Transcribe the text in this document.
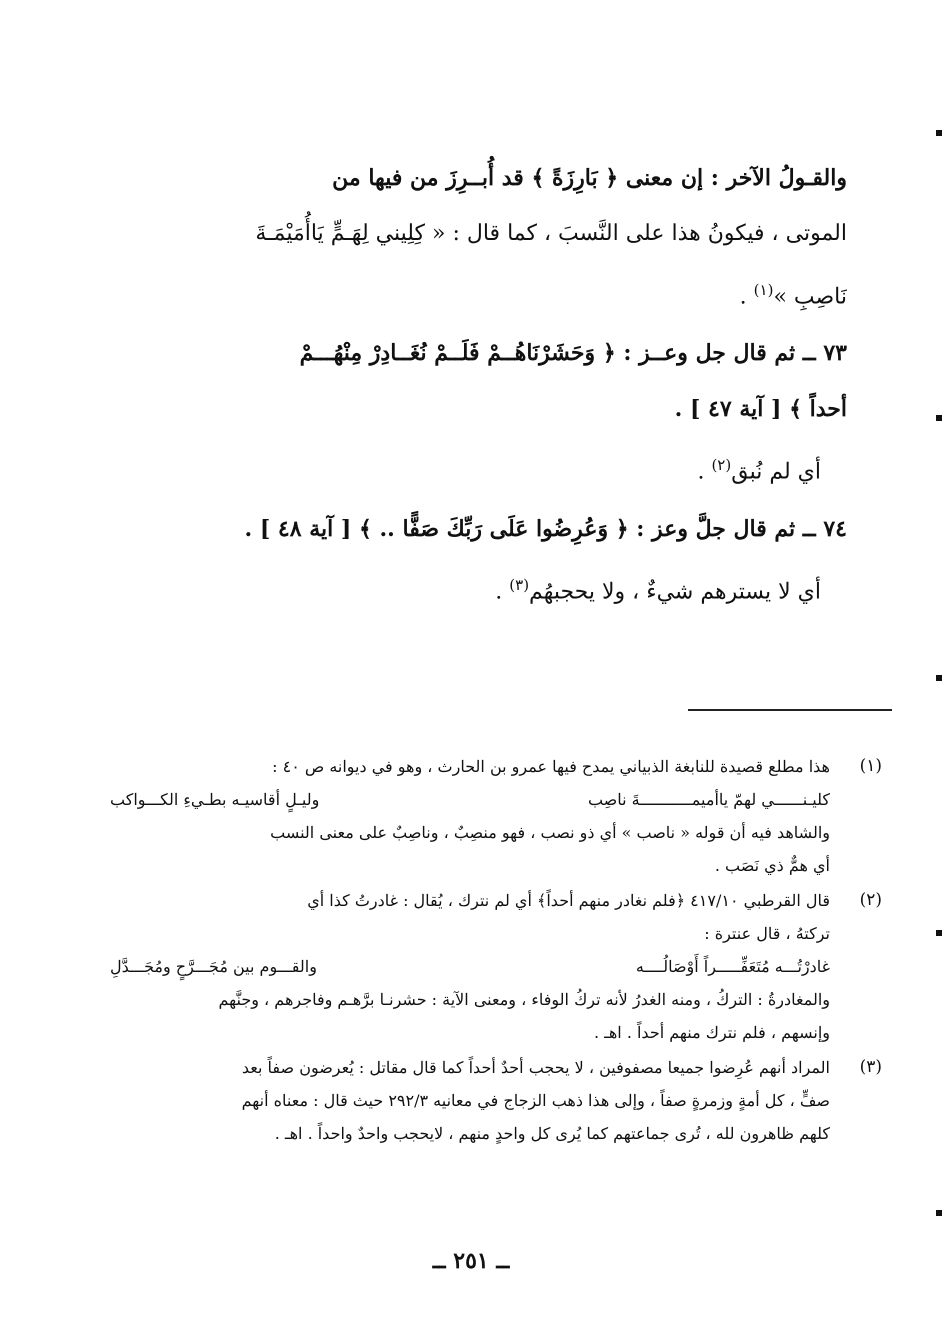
والقـولُ الآخر : إن معنى ﴿ بَارِزَةً ﴾ قد أُبــرِزَ من فيها من
الموتى ، فيكونُ هذا على النَّسبَ ، كما قال : « كِلِيني لِهَـمٍّ يَاأُمَيْمَـةَ
نَاصِبِ »$^{(١)}$ .
٧٣ ــ ثم قال جل وعــز : ﴿ وَحَشَرْنَاهُــمْ فَلَــمْ نُغَــادِرْ مِنْهُـــمْ
أحداً ﴾ [ آية ٤٧ ] .
أي لم نُبق$^{(٢)}$ .
٧٤ ــ ثم قال جلَّ وعز : ﴿ وَعُرِضُوا عَلَى رَبِّكَ صَفًّا .. ﴾ [ آية ٤٨ ] .
أي لا يسترهم شيءٌ ، ولا يحجبهُم$^{(٣)}$ .
(١)
هذا مطلع قصيدة للنابغة الذبياني يمدح فيها عمرو بن الحارث ، وهو في ديوانه ص ٤٠ :
كليـنــــــي لهمّ ياأميمـــــــــــةَ ناصِب
وليـلٍ أقاسيـه بطـيءِ الكـــواكب
والشاهد فيه أن قوله « ناصب » أي ذو نصب ، فهو منصِبٌ ، وناصِبٌ على معنى النسب
أي همٌّ ذي نَصَب .
(٢)
قال القرطبي ٤١٧/١٠ ﴿فلم نغادر منهم أحداً﴾ أي لم نترك ، يُقال : غادرتُ كذا أي
تركتهُ ، قال عنترة :
غادرْتُـــه مُتَعَفِّـــــراً أَوْصَالُــــه
والقـــوم بين مُجَـــرَّحٍ ومُجَـــدَّلِ
والمغادرةُ : التركُ ، ومنه الغدرُ لأنه تركُ الوفاء ، ومعنى الآية : حشرنـا برَّهـم وفاجرهم ، وجنَّهم
وإنسهم ، فلم نترك منهم أحداً . اهـ .
(٣)
المراد أنهم عُرِضوا جميعا مصفوفين ، لا يحجب أحدٌ أحداً كما قال مقاتل : يُعرضون صفاً بعد
صفٍّ ، كل أمةٍ وزمرةٍ صفاً ، وإلى هذا ذهب الزجاج في معانيه ٢٩٢/٣ حيث قال : معناه أنهم
كلهم ظاهرون لله ، تُرى جماعتهم كما يُرى كل واحدٍ منهم ، لايحجب واحدٌ واحداً . اهـ .
ــ ٢٥١ ــ
